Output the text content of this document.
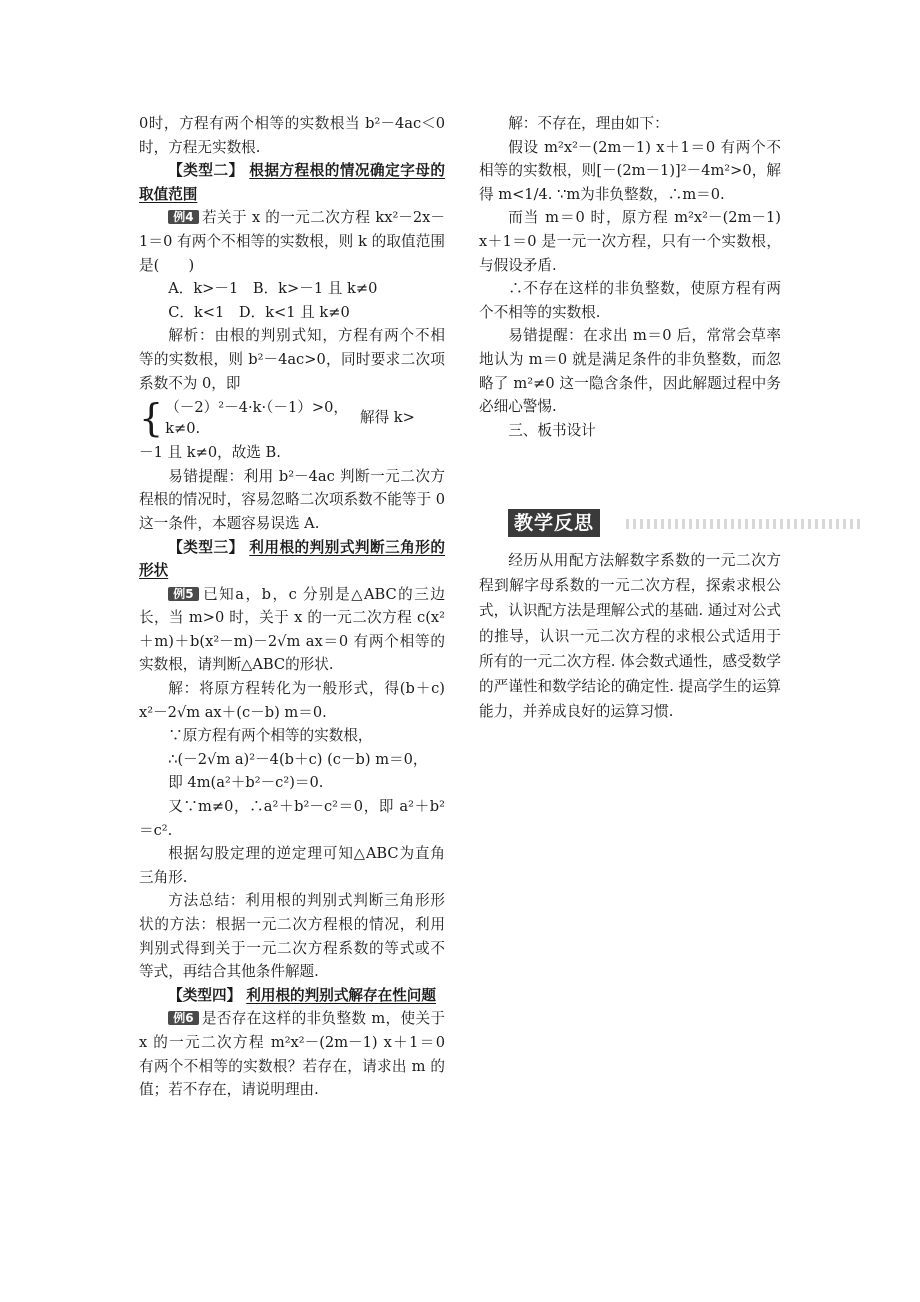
0时，方程有两个相等的实数根当 b²－4ac＜0时，方程无实数根.

【类型二】 根据方程根的情况确定字母的取值范围

例4 若关于 x 的一元二次方程 kx²－2x－1＝0 有两个不相等的实数根，则 k 的取值范围是(　　)

A．k>－1　B．k>－1 且 k≠0

C．k<1　D．k<1 且 k≠0

解析：由根的判别式知，方程有两个不相等的实数根，则 b²－4ac>0，同时要求二次项系数不为 0，即

{ （－2）²－4·k·（－1）>0，
k≠0.
解得 k>

－1 且 k≠0，故选 B.

易错提醒：利用 b²－4ac 判断一元二次方程根的情况时，容易忽略二次项系数不能等于 0 这一条件，本题容易误选 A.

【类型三】 利用根的判别式判断三角形的形状

例5 已知a，b，c 分别是△ABC的三边长，当 m>0 时，关于 x 的一元二次方程 c(x²＋m)＋b(x²－m)－2√m ax＝0 有两个相等的实数根，请判断△ABC的形状.

解：将原方程转化为一般形式，得(b＋c) x²－2√m ax＋(c－b) m＝0.

∵原方程有两个相等的实数根，

∴(－2√m a)²－4(b＋c) (c－b) m＝0，

即 4m(a²＋b²－c²)＝0.

又∵m≠0，∴a²＋b²－c²＝0，即 a²＋b²＝c².

根据勾股定理的逆定理可知△ABC为直角三角形.

方法总结：利用根的判别式判断三角形形状的方法：根据一元二次方程根的情况，利用判别式得到关于一元二次方程系数的等式或不等式，再结合其他条件解题.

【类型四】 利用根的判别式解存在性问题

例6 是否存在这样的非负整数 m，使关于 x 的一元二次方程 m²x²－(2m－1) x＋1＝0 有两个不相等的实数根？若存在，请求出 m 的值；若不存在，请说明理由.

解：不存在，理由如下：

假设 m²x²－(2m－1) x＋1＝0 有两个不相等的实数根，则[－(2m－1)]²－4m²>0，解得 m<1/4. ∵m为非负整数，∴m＝0.

而当 m＝0 时，原方程 m²x²－(2m－1) x＋1＝0 是一元一次方程，只有一个实数根，与假设矛盾.

∴不存在这样的非负整数，使原方程有两个不相等的实数根.

易错提醒：在求出 m＝0 后，常常会草率地认为 m＝0 就是满足条件的非负整数，而忽略了 m²≠0 这一隐含条件，因此解题过程中务必细心警惕.

三、板书设计

教学反思

经历从用配方法解数字系数的一元二次方程到解字母系数的一元二次方程，探索求根公式，认识配方法是理解公式的基础. 通过对公式的推导，认识一元二次方程的求根公式适用于所有的一元二次方程. 体会数式通性，感受数学的严谨性和数学结论的确定性. 提高学生的运算能力，并养成良好的运算习惯.
